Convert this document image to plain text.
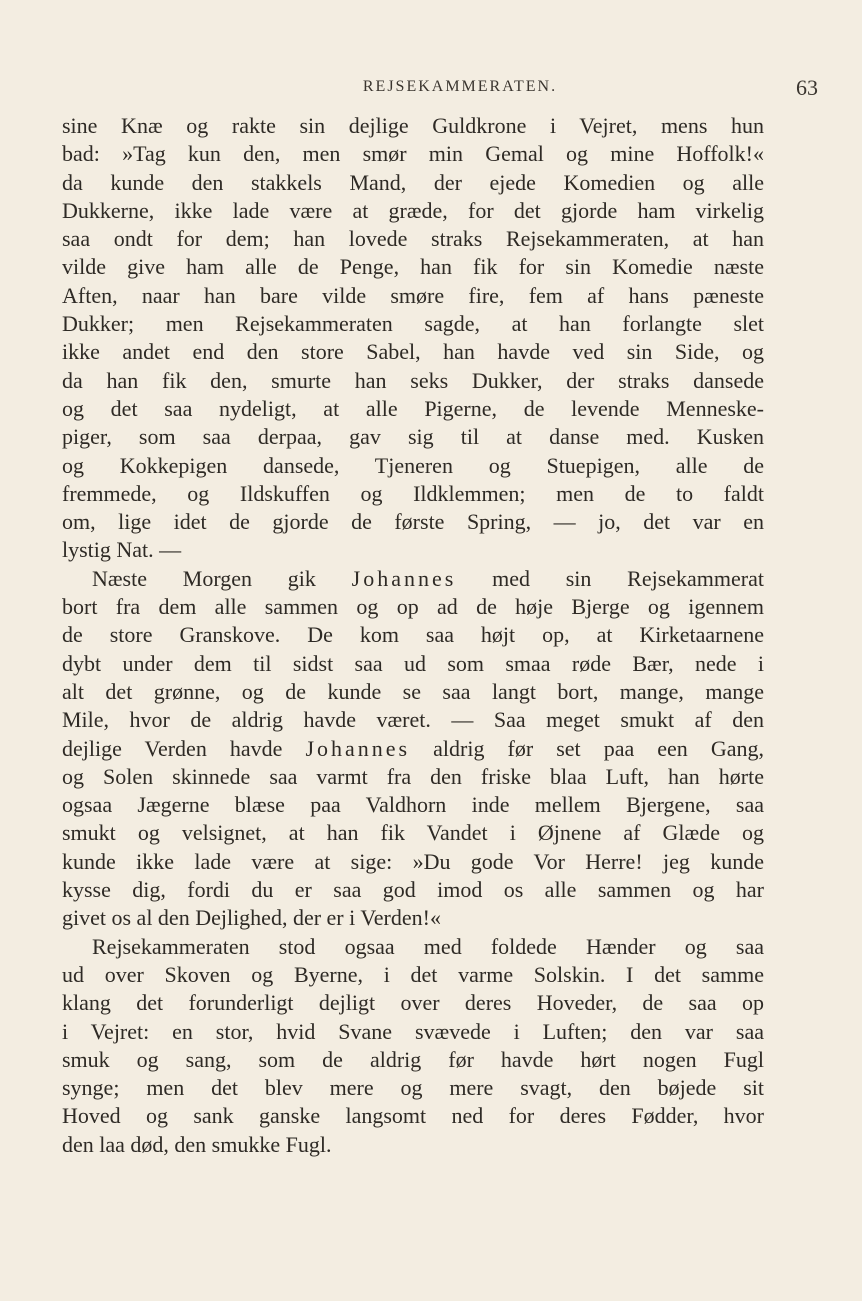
REJSEKAMMERATEN.	63
sine Knæ og rakte sin dejlige Guldkrone i Vejret, mens hun
bad: »Tag kun den, men smør min Gemal og mine Hoffolk!«
da kunde den stakkels Mand, der ejede Komedien og alle
Dukkerne, ikke lade være at græde, for det gjorde ham virkelig
saa ondt for dem; han lovede straks Rejsekammeraten, at han
vilde give ham alle de Penge, han fik for sin Komedie næste
Aften, naar han bare vilde smøre fire, fem af hans pæneste
Dukker; men Rejsekammeraten sagde, at han forlangte slet
ikke andet end den store Sabel, han havde ved sin Side, og
da han fik den, smurte han seks Dukker, der straks dansede
og det saa nydeligt, at alle Pigerne, de levende Menneske-
piger, som saa derpaa, gav sig til at danse med. Kusken
og Kokkepigen dansede, Tjeneren og Stuepigen, alle de
fremmede, og Ildskuffen og Ildklemmen; men de to faldt
om, lige idet de gjorde de første Spring, — jo, det var en
lystig Nat. —
Næste Morgen gik Johannes med sin Rejsekammerat
bort fra dem alle sammen og op ad de høje Bjerge og igennem
de store Granskove. De kom saa højt op, at Kirketaarnene
dybt under dem til sidst saa ud som smaa røde Bær, nede i
alt det grønne, og de kunde se saa langt bort, mange, mange
Mile, hvor de aldrig havde været. — Saa meget smukt af den
dejlige Verden havde Johannes aldrig før set paa een Gang,
og Solen skinnede saa varmt fra den friske blaa Luft, han hørte
ogsaa Jægerne blæse paa Valdhorn inde mellem Bjergene, saa
smukt og velsignet, at han fik Vandet i Øjnene af Glæde og
kunde ikke lade være at sige: »Du gode Vor Herre! jeg kunde
kysse dig, fordi du er saa god imod os alle sammen og har
givet os al den Dejlighed, der er i Verden!«
Rejsekammeraten stod ogsaa med foldede Hænder og saa
ud over Skoven og Byerne, i det varme Solskin. I det samme
klang det forunderligt dejligt over deres Hoveder, de saa op
i Vejret: en stor, hvid Svane svævede i Luften; den var saa
smuk og sang, som de aldrig før havde hørt nogen Fugl
synge; men det blev mere og mere svagt, den bøjede sit
Hoved og sank ganske langsomt ned for deres Fødder, hvor
den laa død, den smukke Fugl.
